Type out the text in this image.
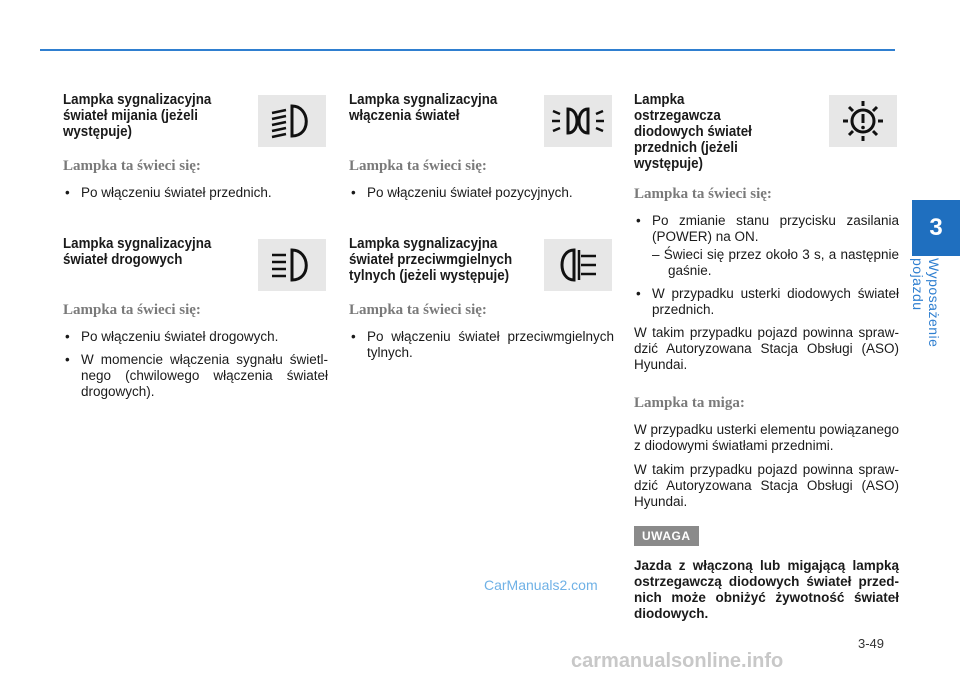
Lampka sygnalizacyjna świateł mijania (jeżeli występuje)
Lampka ta świeci się:
• Po włączeniu świateł przednich.
Lampka sygnalizacyjna świateł drogowych
Lampka ta świeci się:
• Po włączeniu świateł drogowych.
• W momencie włączenia sygnału świetl-nego (chwilowego włączenia świateł drogowych).
Lampka sygnalizacyjna włączenia świateł
Lampka ta świeci się:
• Po włączeniu świateł pozycyjnych.
Lampka sygnalizacyjna świateł przeciwmgielnych tylnych (jeżeli występuje)
Lampka ta świeci się:
• Po włączeniu świateł przeciwmgielnych tylnych.
Lampka ostrzegawcza diodowych świateł przednich (jeżeli występuje)
Lampka ta świeci się:
• Po zmianie stanu przycisku zasilania (POWER) na ON.
– Świeci się przez około 3 s, a następnie gaśnie.
• W przypadku usterki diodowych świateł przednich.

W takim przypadku pojazd powinna spraw-dzić Autoryzowana Stacja Obsługi (ASO) Hyundai.

Lampka ta miga:

W przypadku usterki elementu powiązanego z diodowymi światłami przednimi.

W takim przypadku pojazd powinna spraw-dzić Autoryzowana Stacja Obsługi (ASO) Hyundai.

UWAGA
Jazda z włączoną lub migającą lampką ostrzegawczą diodowych świateł przed-nich może obniżyć żywotność świateł diodowych.
3
Wyposażenie pojazdu
CarManuals2.com
3-49
carmanualsonline.info
